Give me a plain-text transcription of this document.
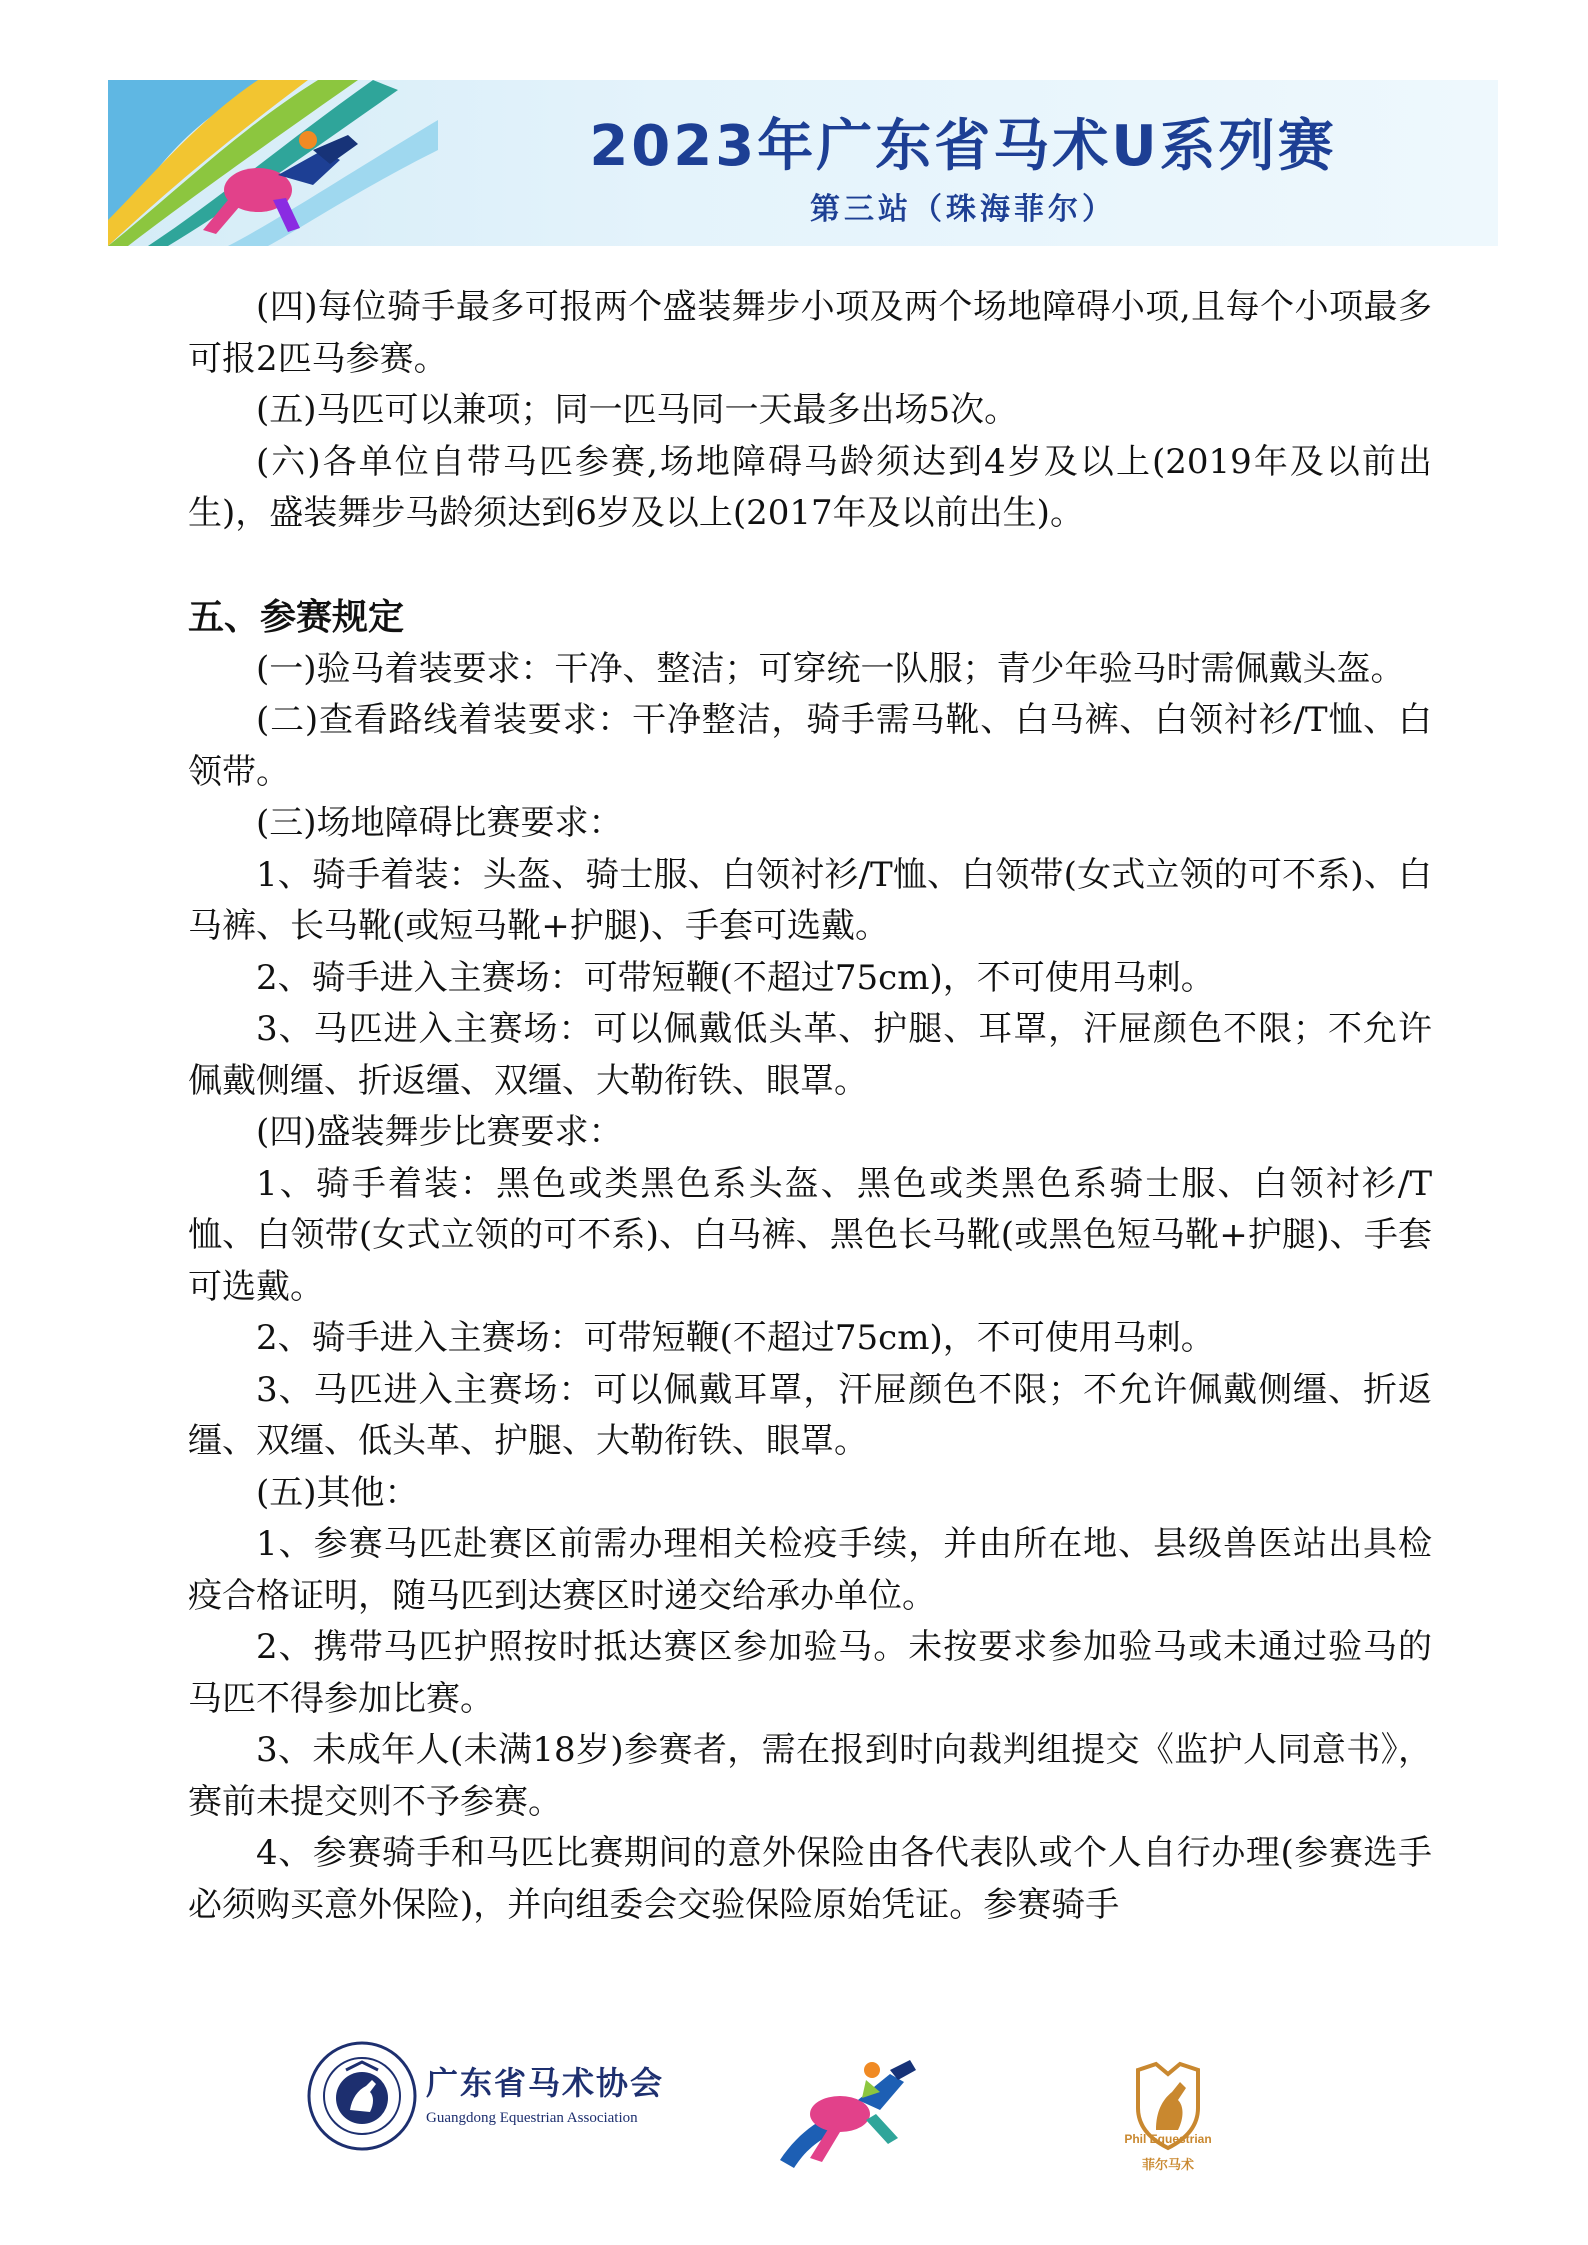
2023年广东省马术U系列赛
第三站（珠海菲尔）

(四)每位骑手最多可报两个盛装舞步小项及两个场地障碍小项,且每个小项最多可报2匹马参赛。

(五)马匹可以兼项；同一匹马同一天最多出场5次。

(六)各单位自带马匹参赛,场地障碍马龄须达到4岁及以上(2019年及以前出生)，盛装舞步马龄须达到6岁及以上(2017年及以前出生)。

五、参赛规定

(一)验马着装要求：干净、整洁；可穿统一队服；青少年验马时需佩戴头盔。

(二)查看路线着装要求：干净整洁，骑手需马靴、白马裤、白领衬衫/T恤、白领带。

(三)场地障碍比赛要求：

1、骑手着装：头盔、骑士服、白领衬衫/T恤、白领带(女式立领的可不系)、白马裤、长马靴(或短马靴+护腿)、手套可选戴。

2、骑手进入主赛场：可带短鞭(不超过75cm)，不可使用马刺。

3、马匹进入主赛场：可以佩戴低头革、护腿、耳罩，汗屉颜色不限；不允许佩戴侧缰、折返缰、双缰、大勒衔铁、眼罩。

(四)盛装舞步比赛要求：

1、骑手着装：黑色或类黑色系头盔、黑色或类黑色系骑士服、白领衬衫/T恤、白领带(女式立领的可不系)、白马裤、黑色长马靴(或黑色短马靴+护腿)、手套可选戴。

2、骑手进入主赛场：可带短鞭(不超过75cm)，不可使用马刺。

3、马匹进入主赛场：可以佩戴耳罩，汗屉颜色不限；不允许佩戴侧缰、折返缰、双缰、低头革、护腿、大勒衔铁、眼罩。

(五)其他：

1、参赛马匹赴赛区前需办理相关检疫手续，并由所在地、县级兽医站出具检疫合格证明，随马匹到达赛区时递交给承办单位。

2、携带马匹护照按时抵达赛区参加验马。未按要求参加验马或未通过验马的马匹不得参加比赛。

3、未成年人(未满18岁)参赛者，需在报到时向裁判组提交《监护人同意书》，赛前未提交则不予参赛。

4、参赛骑手和马匹比赛期间的意外保险由各代表队或个人自行办理(参赛选手必须购买意外保险)，并向组委会交验保险原始凭证。参赛骑手

广东省马术协会
Guangdong Equestrian Association
Phil Equestrian
菲尔马术
